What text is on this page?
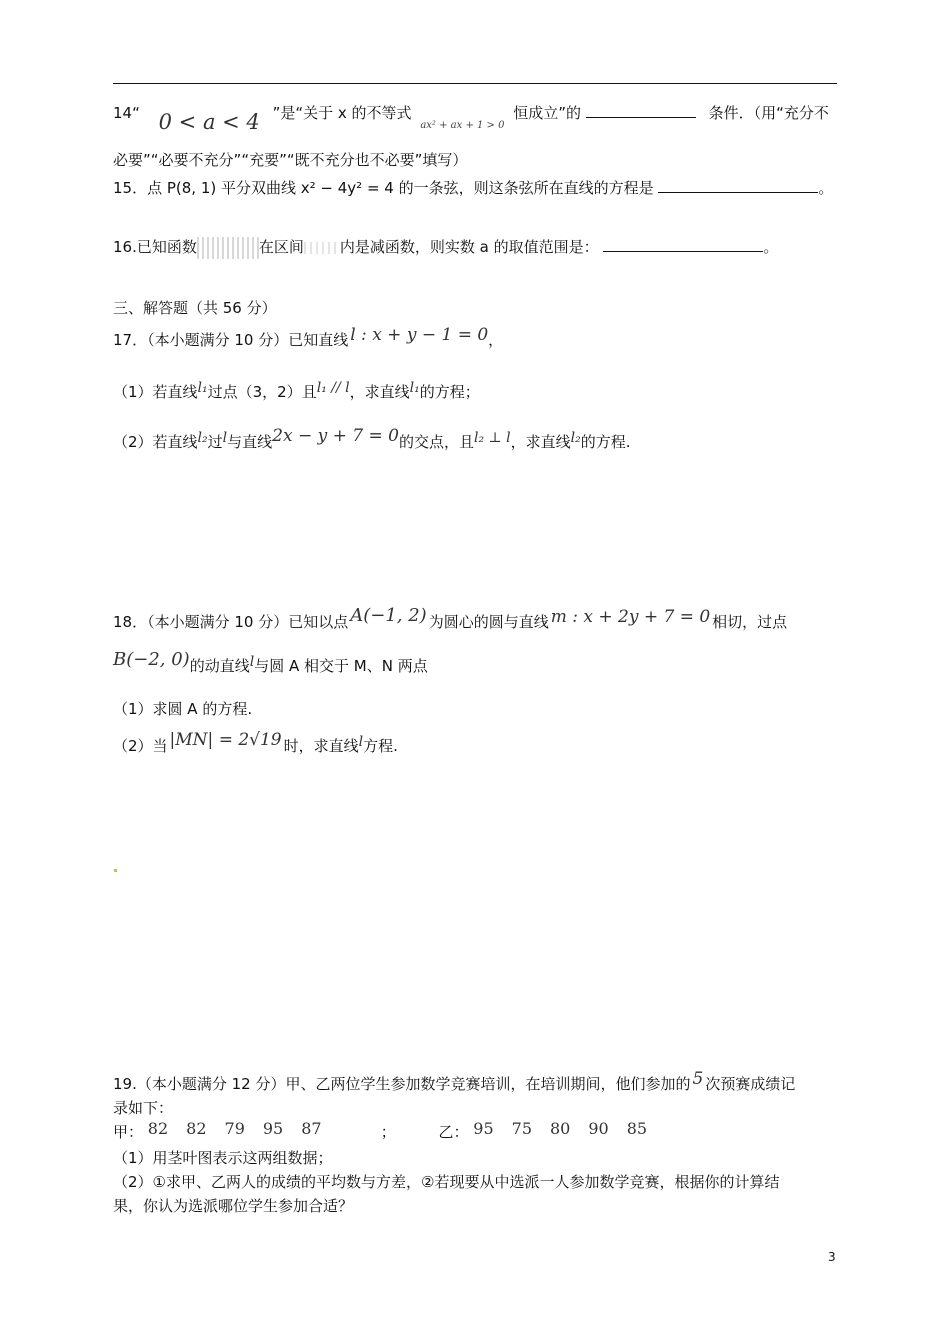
14“ 0 < a < 4 ”是“关于 x 的不等式 $_{ax^2 + ax + 1 > 0}$ 恒成立”的	条件．（用“充分不
必要”“必要不充分”“充要”“既不充分也不必要”填写）
15．点 P(8, 1) 平分双曲线 x² − 4y² = 4 的一条弦，则这条弦所在直线的方程是	。
16.已知函数	在区间 内是减函数，则实数 a 的取值范围是：	。
三、解答题（共 56 分）
17．（本小题满分 10 分）已知直线 l : x + y − 1 = 0，
（1）若直线l₁过点（3，2）且l₁ // l，求直线l₁的方程；
（2）若直线l₂过l与直线2x − y + 7 = 0的交点，且l₂ ⊥ l，求直线l₂的方程.
18．（本小题满分 10 分）已知以点 A(−1, 2) 为圆心的圆与直线 m : x + 2y + 7 = 0 相切，过点
B(−2, 0)的动直线l与圆 A 相交于 M、N 两点
（1）求圆 A 的方程.
（2）当 |MN| = 2√19 时，求直线l方程.
19.（本小题满分 12 分）甲、乙两位学生参加数学竞赛培训，在培训期间，他们参加的 5 次预赛成绩记
录如下：
甲： 82 82 79 95 87	；	乙： 95 75 80 90 85
（1）用茎叶图表示这两组数据；
（2）①求甲、乙两人的成绩的平均数与方差，②若现要从中选派一人参加数学竞赛，根据你的计算结
果，你认为选派哪位学生参加合适？
3
